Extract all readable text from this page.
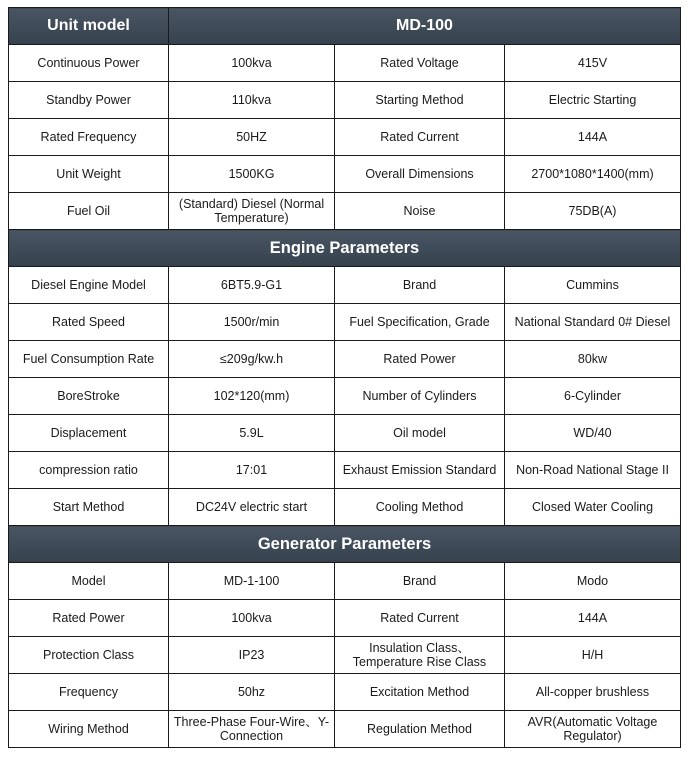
Unit model	MD-100		
Continuous Power	100kva	Rated Voltage	415V
Standby Power	110kva	Starting Method	Electric Starting
Rated Frequency	50HZ	Rated Current	144A
Unit Weight	1500KG	Overall Dimensions	2700*1080*1400(mm)
Fuel Oil	(Standard) Diesel (Normal Temperature)	Noise	75DB(A)
Engine Parameters			
Diesel Engine Model	6BT5.9-G1	Brand	Cummins
Rated Speed	1500r/min	Fuel Specification, Grade	National Standard 0# Diesel
Fuel Consumption Rate	≤209g/kw.h	Rated Power	80kw
BoreStroke	102*120(mm)	Number of Cylinders	6-Cylinder
Displacement	5.9L	Oil model	WD/40
compression ratio	17:01	Exhaust Emission Standard	Non-Road National Stage II
Start Method	DC24V electric start	Cooling Method	Closed Water Cooling
Generator Parameters			
Model	MD-1-100	Brand	Modo
Rated Power	100kva	Rated Current	144A
Protection Class	IP23	Insulation Class、Temperature Rise Class	H/H
Frequency	50hz	Excitation Method	All-copper brushless
Wiring Method	Three-Phase Four-Wire、Y-Connection	Regulation Method	AVR(Automatic Voltage Regulator)
